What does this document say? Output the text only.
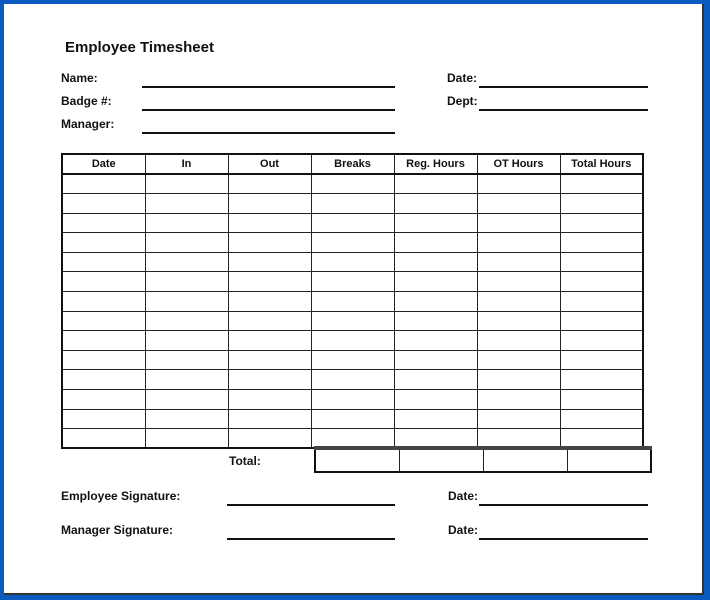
Employee Timesheet
Name:
Badge #:
Manager:
Date:
Dept:
Date	In	Out	Breaks	Reg. Hours	OT Hours	Total Hours

Total:

Employee Signature:
Manager Signature:
Date:
Date:
